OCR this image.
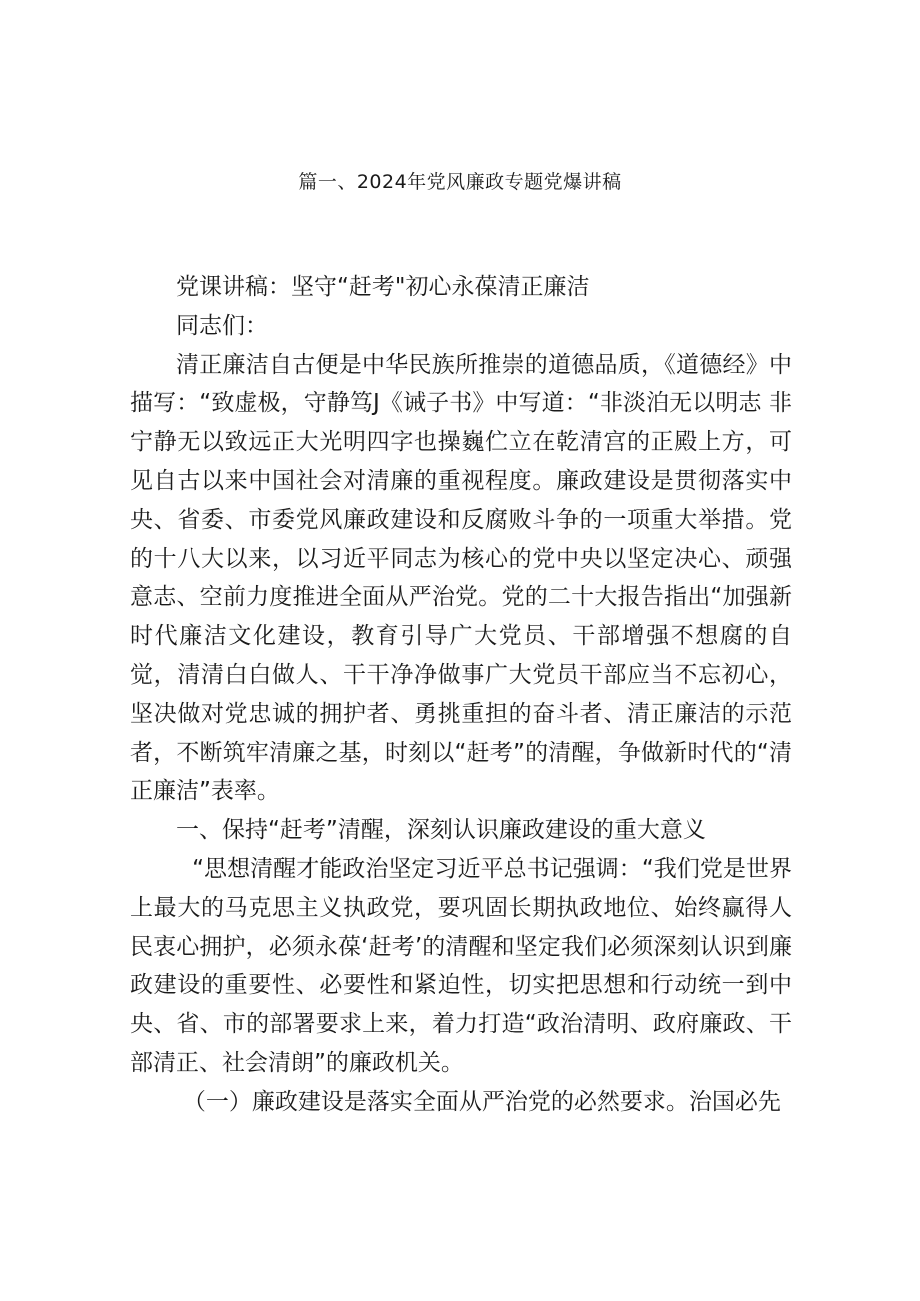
篇一、2024年党风廉政专题党爆讲稿

党课讲稿：坚守“赶考"初心永葆清正廉洁

同志们：

清正廉洁自古便是中华民族所推崇的道德品质，《道德经》中描写：“致虚极，守静笃J《诫子书》中写道：“非淡泊无以明志 非宁静无以致远正大光明四字也操巍伫立在乾清宫的正殿上方，可见自古以来中国社会对清廉的重视程度。廉政建设是贯彻落实中央、省委、市委党风廉政建设和反腐败斗争的一项重大举措。党的十八大以来，以习近平同志为核心的党中央以坚定决心、顽强意志、空前力度推进全面从严治党。党的二十大报告指出“加强新时代廉洁文化建设，教育引导广大党员、干部增强不想腐的自觉，清清白白做人、干干净净做事广大党员干部应当不忘初心，坚决做对党忠诚的拥护者、勇挑重担的奋斗者、清正廉洁的示范者，不断筑牢清廉之基，时刻以“赶考”的清醒，争做新时代的“清正廉洁”表率。

一、保持“赶考”清醒，深刻认识廉政建设的重大意义

“思想清醒才能政治坚定习近平总书记强调：“我们党是世界上最大的马克思主义执政党，要巩固长期执政地位、始终赢得人民衷心拥护，必须永葆‘赶考’的清醒和坚定我们必须深刻认识到廉政建设的重要性、必要性和紧迫性，切实把思想和行动统一到中央、省、市的部署要求上来，着力打造“政治清明、政府廉政、干部清正、社会清朗”的廉政机关。

（一）廉政建设是落实全面从严治党的必然要求。治国必先
